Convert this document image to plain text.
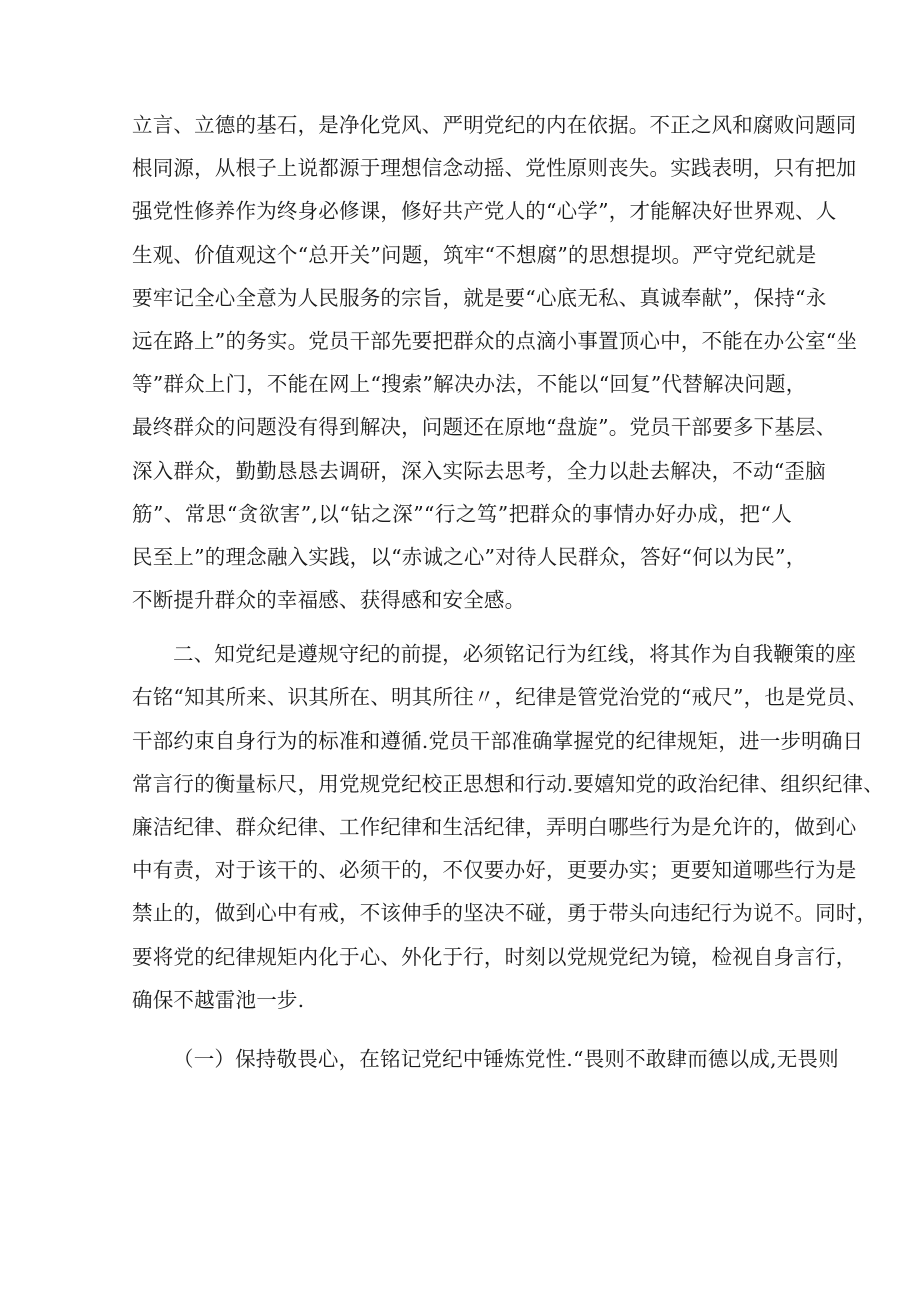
立言、立德的基石，是净化党风、严明党纪的内在依据。不正之风和腐败问题同
根同源，从根子上说都源于理想信念动摇、党性原则丧失。实践表明，只有把加
强党性修养作为终身必修课，修好共产党人的“心学”，才能解决好世界观、人
生观、价值观这个“总开关”问题，筑牢“不想腐”的思想提坝。严守党纪就是
要牢记全心全意为人民服务的宗旨，就是要“心底无私、真诚奉献”，保持“永
远在路上”的务实。党员干部先要把群众的点滴小事置顶心中，不能在办公室“坐
等”群众上门，不能在网上“搜索”解决办法，不能以“回复”代替解决问题，
最终群众的问题没有得到解决，问题还在原地“盘旋”。党员干部要多下基层、
深入群众，勤勤恳恳去调研，深入实际去思考，全力以赴去解决，不动“歪脑
筋”、常思“贪欲害”,以“钻之深”“行之笃”把群众的事情办好办成，把“人
民至上”的理念融入实践，以“赤诚之心”对待人民群众，答好“何以为民”，
不断提升群众的幸福感、获得感和安全感。
二、知党纪是遵规守纪的前提，必须铭记行为红线，将其作为自我鞭策的座
右铭“知其所来、识其所在、明其所往〃，纪律是管党治党的“戒尺”，也是党员、
干部约束自身行为的标准和遵循.党员干部准确掌握党的纪律规矩，进一步明确日
常言行的衡量标尺，用党规党纪校正思想和行动.要嬉知党的政治纪律、组织纪律、
廉洁纪律、群众纪律、工作纪律和生活纪律，弄明白哪些行为是允许的，做到心
中有责，对于该干的、必须干的，不仅要办好，更要办实；更要知道哪些行为是
禁止的，做到心中有戒，不该伸手的坚决不碰，勇于带头向违纪行为说不。同时，
要将党的纪律规矩内化于心、外化于行，时刻以党规党纪为镜，检视自身言行，
确保不越雷池一步.
（一）保持敬畏心，在铭记党纪中锤炼党性.“畏则不敢肆而德以成,无畏则
